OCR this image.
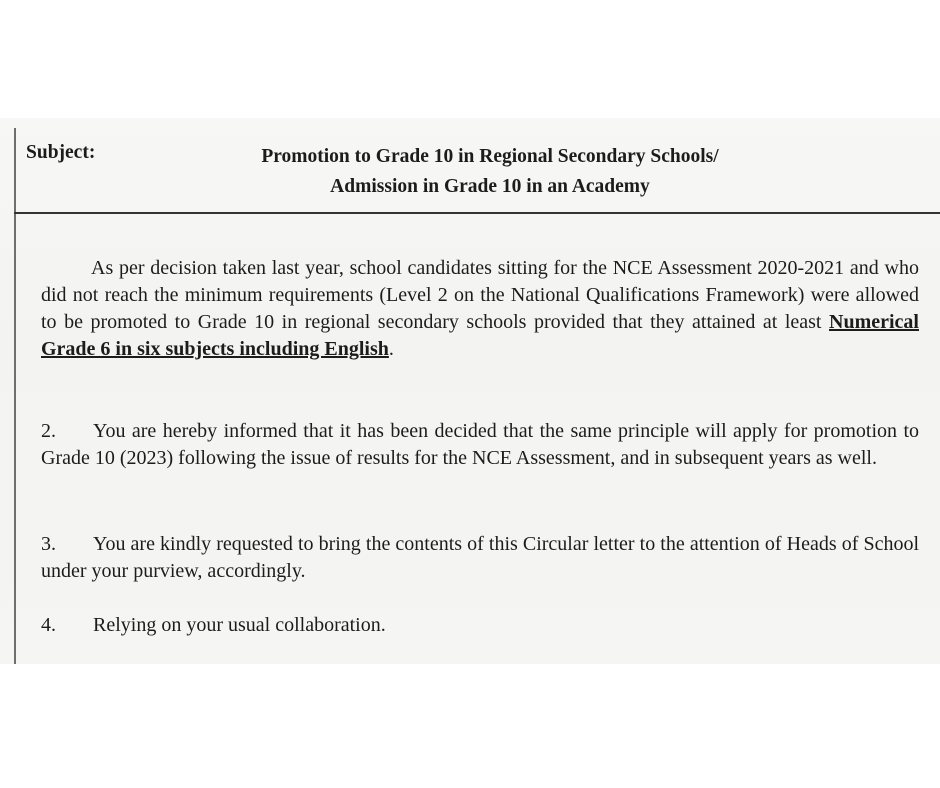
Subject:	Promotion to Grade 10 in Regional Secondary Schools/
Admission in Grade 10 in an Academy

As per decision taken last year, school candidates sitting for the NCE Assessment 2020-2021 and who did not reach the minimum requirements (Level 2 on the National Qualifications Framework) were allowed to be promoted to Grade 10 in regional secondary schools provided that they attained at least Numerical Grade 6 in six subjects including English.

2. You are hereby informed that it has been decided that the same principle will apply for promotion to Grade 10 (2023) following the issue of results for the NCE Assessment, and in subsequent years as well.

3. You are kindly requested to bring the contents of this Circular letter to the attention of Heads of School under your purview, accordingly.

4. Relying on your usual collaboration.
